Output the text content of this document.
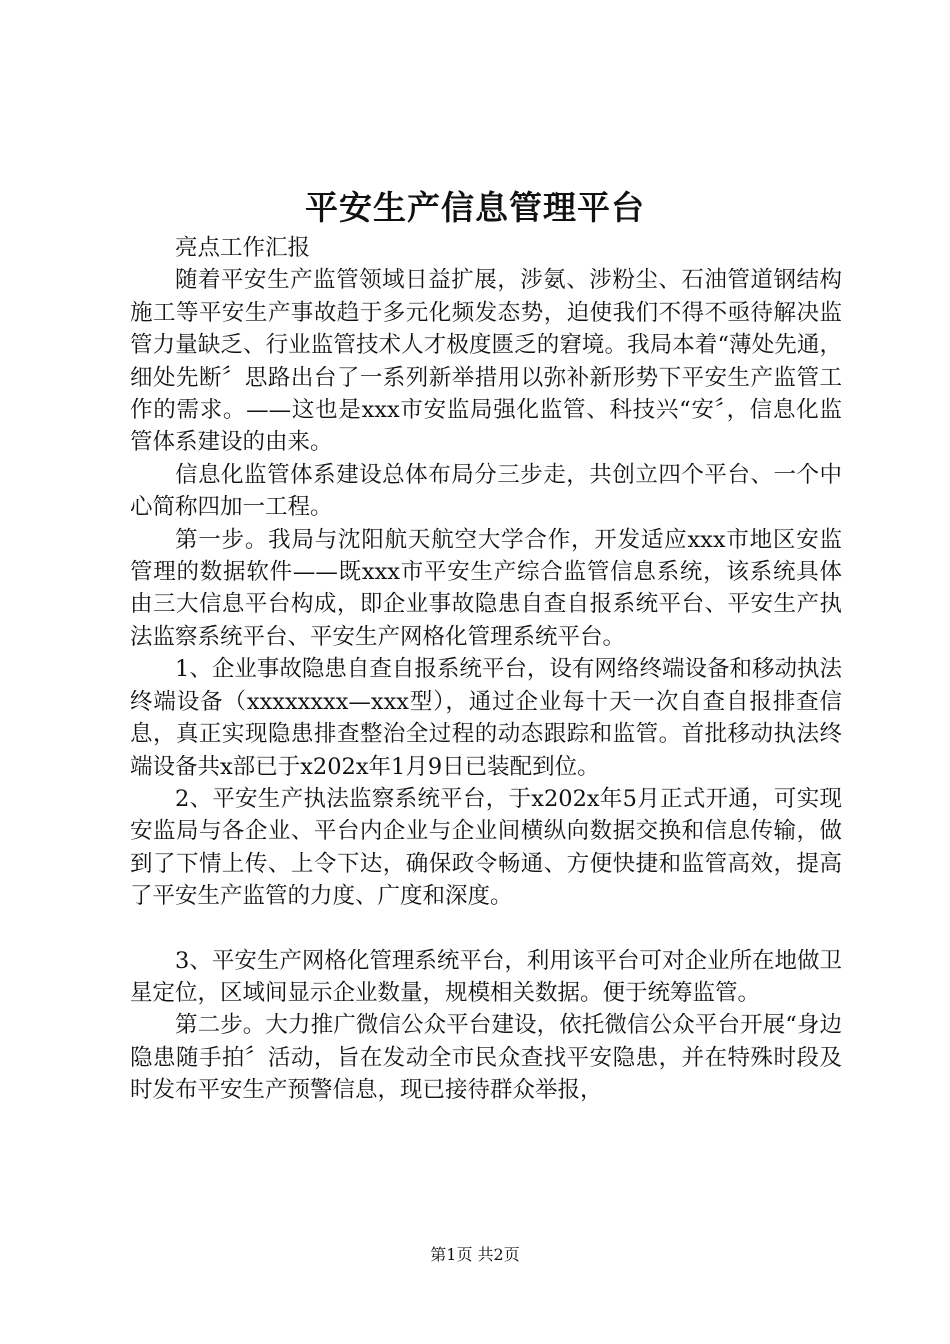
平安生产信息管理平台

亮点工作汇报

随着平安生产监管领域日益扩展，涉氨、涉粉尘、石油管道钢结构施工等平安生产事故趋于多元化频发态势，迫使我们不得不亟待解决监管力量缺乏、行业监管技术人才极度匮乏的窘境。我局本着“薄处先通，细处先断〞思路出台了一系列新举措用以弥补新形势下平安生产监管工作的需求。——这也是xxx市安监局强化监管、科技兴“安〞，信息化监管体系建设的由来。

信息化监管体系建设总体布局分三步走，共创立四个平台、一个中心简称四加一工程。

第一步。我局与沈阳航天航空大学合作，开发适应xxx市地区安监管理的数据软件——既xxx市平安生产综合监管信息系统，该系统具体由三大信息平台构成，即企业事故隐患自查自报系统平台、平安生产执法监察系统平台、平安生产网格化管理系统平台。

1、企业事故隐患自查自报系统平台，设有网络终端设备和移动执法终端设备（xxxxxxxx—xxx型），通过企业每十天一次自查自报排查信息，真正实现隐患排查整治全过程的动态跟踪和监管。首批移动执法终端设备共x部已于x202x年1月9日已装配到位。

2、平安生产执法监察系统平台，于x202x年5月正式开通，可实现安监局与各企业、平台内企业与企业间横纵向数据交换和信息传输，做到了下情上传、上令下达，确保政令畅通、方便快捷和监管高效，提高了平安生产监管的力度、广度和深度。

3、平安生产网格化管理系统平台，利用该平台可对企业所在地做卫星定位，区域间显示企业数量，规模相关数据。便于统筹监管。

第二步。大力推广微信公众平台建设，依托微信公众平台开展“身边隐患随手拍〞活动，旨在发动全市民众查找平安隐患，并在特殊时段及时发布平安生产预警信息，现已接待群众举报，

第1页 共2页
